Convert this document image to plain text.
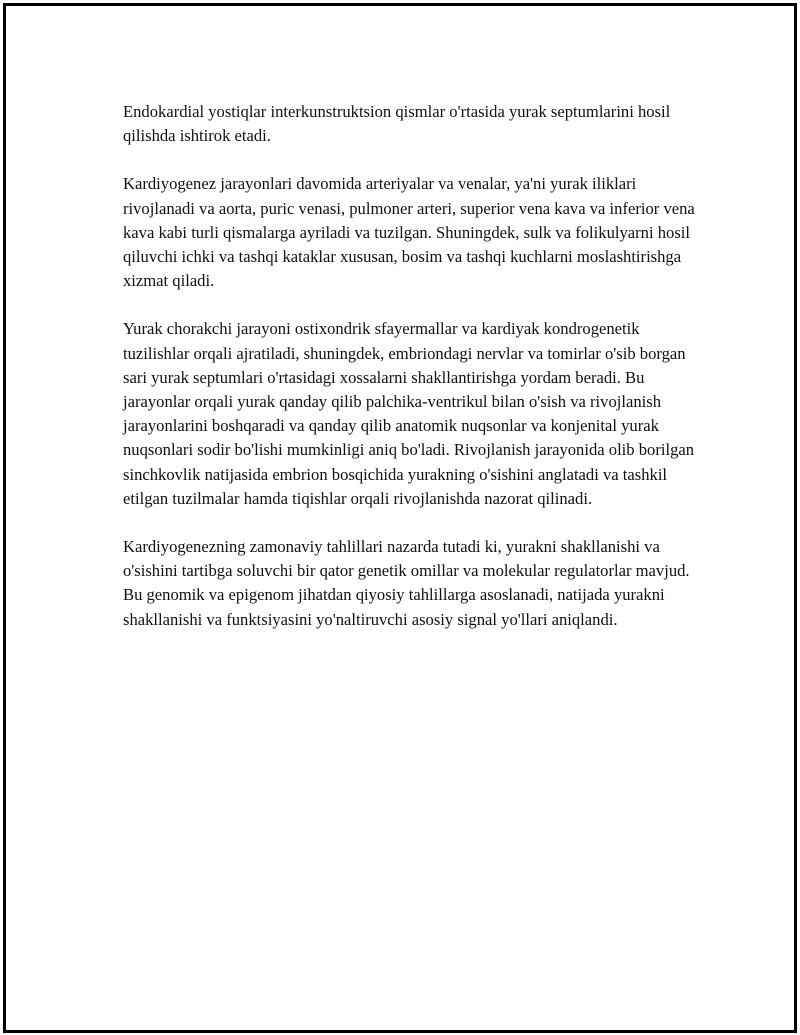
Endokardial yostiqlar interkunstruktsion qismlar o'rtasida yurak septumlarini hosil qilishda ishtirok etadi.

Kardiyogenez jarayonlari davomida arteriyalar va venalar, ya'ni yurak iliklari rivojlanadi va aorta, puric venasi, pulmoner arteri, superior vena kava va inferior vena kava kabi turli qismalarga ayriladi va tuzilgan. Shuningdek, sulk va folikulyarni hosil qiluvchi ichki va tashqi kataklar xususan, bosim va tashqi kuchlarni moslashtirishga xizmat qiladi.

Yurak chorakchi jarayoni ostixondrik sfayermallar va kardiyak kondrogenetik tuzilishlar orqali ajratiladi, shuningdek, embriondagi nervlar va tomirlar o'sib borgan sari yurak septumlari o'rtasidagi xossalarni shakllantirishga yordam beradi. Bu jarayonlar orqali yurak qanday qilib palchika-ventrikul bilan o'sish va rivojlanish jarayonlarini boshqaradi va qanday qilib anatomik nuqsonlar va konjenital yurak nuqsonlari sodir bo'lishi mumkinligi aniq bo'ladi. Rivojlanish jarayonida olib borilgan sinchkovlik natijasida embrion bosqichida yurakning o'sishini anglatadi va tashkil etilgan tuzilmalar hamda tiqishlar orqali rivojlanishda nazorat qilinadi.

Kardiyogenezning zamonaviy tahlillari nazarda tutadi ki, yurakni shakllanishi va o'sishini tartibga soluvchi bir qator genetik omillar va molekular regulatorlar mavjud. Bu genomik va epigenom jihatdan qiyosiy tahlillarga asoslanadi, natijada yurakni shakllanishi va funktsiyasini yo'naltiruvchi asosiy signal yo'llari aniqlandi.
